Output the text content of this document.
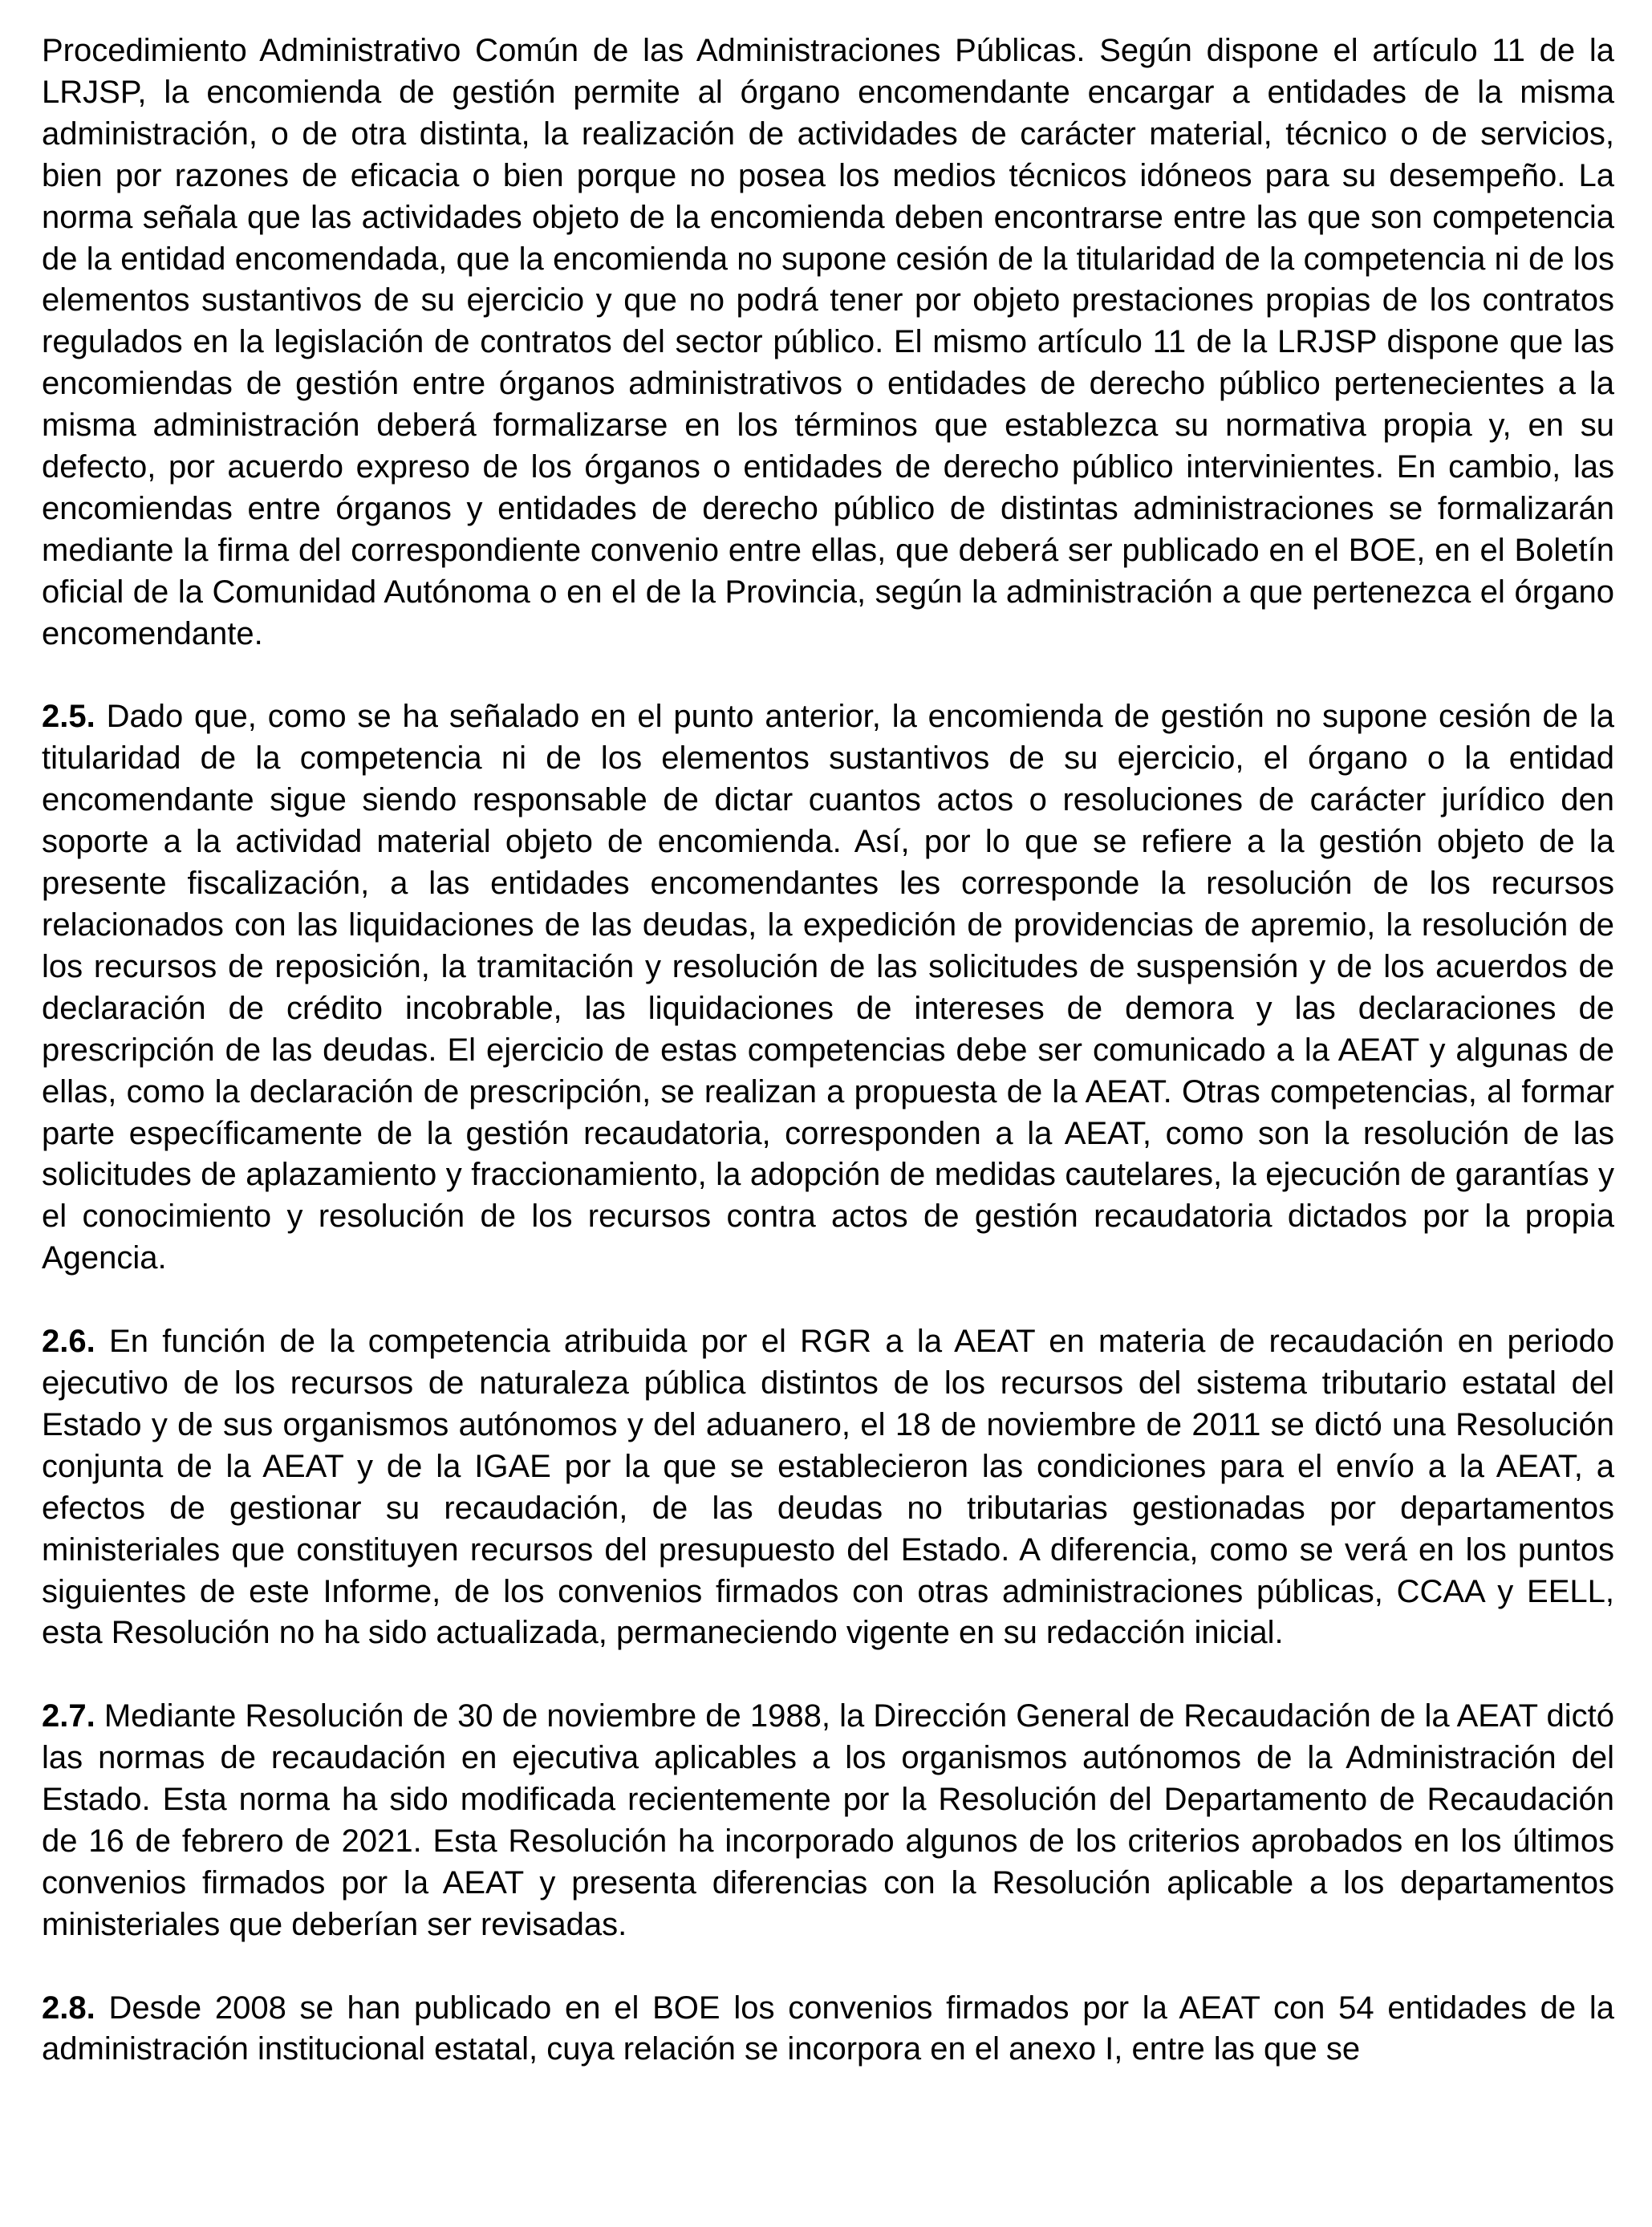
Procedimiento Administrativo Común de las Administraciones Públicas. Según dispone el artículo 11 de la LRJSP, la encomienda de gestión permite al órgano encomendante encargar a entidades de la misma administración, o de otra distinta, la realización de actividades de carácter material, técnico o de servicios, bien por razones de eficacia o bien porque no posea los medios técnicos idóneos para su desempeño. La norma señala que las actividades objeto de la encomienda deben encontrarse entre las que son competencia de la entidad encomendada, que la encomienda no supone cesión de la titularidad de la competencia ni de los elementos sustantivos de su ejercicio y que no podrá tener por objeto prestaciones propias de los contratos regulados en la legislación de contratos del sector público. El mismo artículo 11 de la LRJSP dispone que las encomiendas de gestión entre órganos administrativos o entidades de derecho público pertenecientes a la misma administración deberá formalizarse en los términos que establezca su normativa propia y, en su defecto, por acuerdo expreso de los órganos o entidades de derecho público intervinientes. En cambio, las encomiendas entre órganos y entidades de derecho público de distintas administraciones se formalizarán mediante la firma del correspondiente convenio entre ellas, que deberá ser publicado en el BOE, en el Boletín oficial de la Comunidad Autónoma o en el de la Provincia, según la administración a que pertenezca el órgano encomendante.

2.5. Dado que, como se ha señalado en el punto anterior, la encomienda de gestión no supone cesión de la titularidad de la competencia ni de los elementos sustantivos de su ejercicio, el órgano o la entidad encomendante sigue siendo responsable de dictar cuantos actos o resoluciones de carácter jurídico den soporte a la actividad material objeto de encomienda. Así, por lo que se refiere a la gestión objeto de la presente fiscalización, a las entidades encomendantes les corresponde la resolución de los recursos relacionados con las liquidaciones de las deudas, la expedición de providencias de apremio, la resolución de los recursos de reposición, la tramitación y resolución de las solicitudes de suspensión y de los acuerdos de declaración de crédito incobrable, las liquidaciones de intereses de demora y las declaraciones de prescripción de las deudas. El ejercicio de estas competencias debe ser comunicado a la AEAT y algunas de ellas, como la declaración de prescripción, se realizan a propuesta de la AEAT. Otras competencias, al formar parte específicamente de la gestión recaudatoria, corresponden a la AEAT, como son la resolución de las solicitudes de aplazamiento y fraccionamiento, la adopción de medidas cautelares, la ejecución de garantías y el conocimiento y resolución de los recursos contra actos de gestión recaudatoria dictados por la propia Agencia.

2.6. En función de la competencia atribuida por el RGR a la AEAT en materia de recaudación en periodo ejecutivo de los recursos de naturaleza pública distintos de los recursos del sistema tributario estatal del Estado y de sus organismos autónomos y del aduanero, el 18 de noviembre de 2011 se dictó una Resolución conjunta de la AEAT y de la IGAE por la que se establecieron las condiciones para el envío a la AEAT, a efectos de gestionar su recaudación, de las deudas no tributarias gestionadas por departamentos ministeriales que constituyen recursos del presupuesto del Estado. A diferencia, como se verá en los puntos siguientes de este Informe, de los convenios firmados con otras administraciones públicas, CCAA y EELL, esta Resolución no ha sido actualizada, permaneciendo vigente en su redacción inicial.

2.7. Mediante Resolución de 30 de noviembre de 1988, la Dirección General de Recaudación de la AEAT dictó las normas de recaudación en ejecutiva aplicables a los organismos autónomos de la Administración del Estado. Esta norma ha sido modificada recientemente por la Resolución del Departamento de Recaudación de 16 de febrero de 2021. Esta Resolución ha incorporado algunos de los criterios aprobados en los últimos convenios firmados por la AEAT y presenta diferencias con la Resolución aplicable a los departamentos ministeriales que deberían ser revisadas.

2.8. Desde 2008 se han publicado en el BOE los convenios firmados por la AEAT con 54 entidades de la administración institucional estatal, cuya relación se incorpora en el anexo I, entre las que se
